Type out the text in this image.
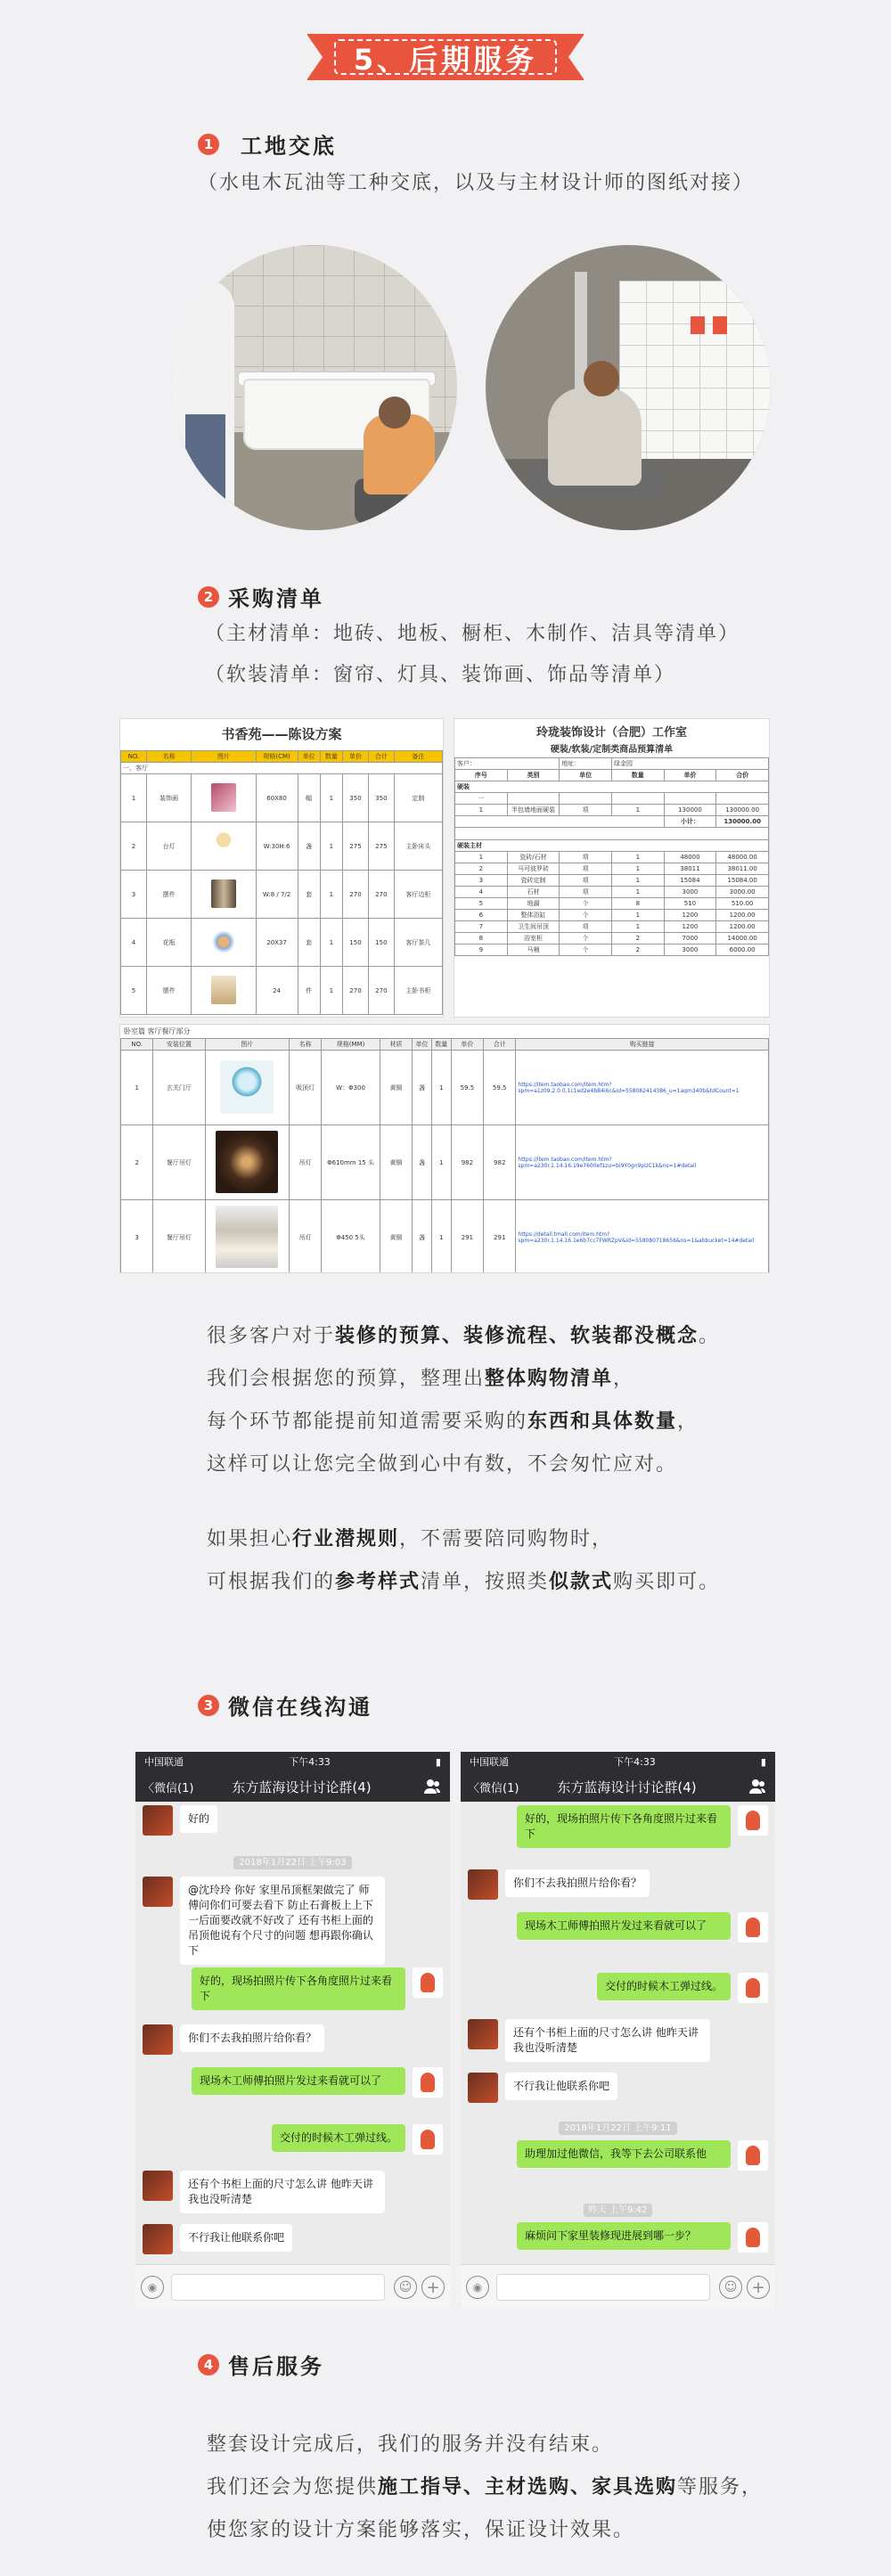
5、后期服务
1 工地交底
（水电木瓦油等工种交底，以及与主材设计师的图纸对接）
2 采购清单
（主材清单：地砖、地板、橱柜、木制作、洁具等清单）
（软装清单：窗帘、灯具、装饰画、饰品等清单）
书香苑——陈设方案
NO.	名称	图片	规格(CM)	单位	数量	单价	合计	备注
一、客厅								
1	装饰画		60X80	幅	1	350	350	定制
2	台灯		W:30H:6	盏	1	275	275	主卧床头
3	摆件		W:8 / 7/2	套	1	270	270	客厅边柜
4	花瓶		20X37	套	1	150	150	客厅茶几
5	摆件		24	件	1	270	270	主卧书柜
玲珑装饰设计（合肥）工作室
硬装/软装/定制类商品预算清单
客户：		地址：	绿金园		
序号	类别	单位	数量	单价	合价
硬装					
一					
1	半包墙地面硬装	项	1	130000	130000.00
				小计：	130000.00

硬装主材					
1	瓷砖/石材	项	1	48000	48000.00
2	马可波罗砖	项	1	38011	38011.00
3	瓷砖定制	项	1	15084	15084.00
4	石材	项	1	3000	3000.00
5	地漏	个	8	510	510.00
6	整体浴缸	个	1	1200	1200.00
7	卫生间吊顶	项	1	1200	1200.00
8	浴室柜	个	2	7000	14000.00
9	马桶	个	2	3000	6000.00
卧室篇 客厅餐厅部分
NO.	安装位置	图片	名称	规格(MM)	材质	单位	数量	单价	合计	购买链接
1	玄关门厅		吸顶灯	W：Φ300	黄铜	盏	1	59.5	59.5	https://item.taobao.com/item.htm?spm=a1z09.2.0.0.1c1ed2e4bB4i6c&id=558082414386_u=1aqm340b&tdCount=1
2	餐厅吊灯		吊灯	Φ610mm 15 头	黄铜	盏	1	982	982	https://item.taobao.com/item.htm?spm=a230r.1.14.16.19e7600ef1zu=bi9Y0gn9pUC1k&ns=1#detail
3	餐厅吊灯		吊灯	Φ450 5头	黄铜	盏	1	291	291	https://detail.tmall.com/item.htm?spm=a230r.1.14.16.1e6b7cc7FWRZpV&id=558080718656&ns=1&abbucket=14#detail
很多客户对于装修的预算、装修流程、软装都没概念。
我们会根据您的预算，整理出整体购物清单，
每个环节都能提前知道需要采购的东西和具体数量，
这样可以让您完全做到心中有数，不会匆忙应对。
如果担心行业潜规则，不需要陪同购物时，
可根据我们的参考样式清单，按照类似款式购买即可。
3 微信在线沟通
中国联通	下午4:33	▮
〈微信(1)	东方蓝海设计讨论群(4)
好的
2018年1月22日 上午9:03
@沈玲玲 你好 家里吊顶框架做完了 师傅问你们可要去看下 防止石膏板上上下一后面要改就不好改了 还有书柜上面的吊顶他说有个尺寸的问题 想再跟你确认下
好的，现场拍照片传下各角度照片过来看下
你们不去我拍照片给你看？
现场木工师傅拍照片发过来看就可以了
交付的时候木工弹过线。
还有个书柜上面的尺寸怎么讲 他昨天讲我也没听清楚
不行我让他联系你吧
◉	☺ +
中国联通	下午4:33	▮
〈微信(1)	东方蓝海设计讨论群(4)
好的，现场拍照片传下各角度照片过来看下
你们不去我拍照片给你看？
现场木工师傅拍照片发过来看就可以了
交付的时候木工弹过线。
还有个书柜上面的尺寸怎么讲 他昨天讲我也没听清楚
不行我让他联系你吧
2018年1月22日 上午9:11
助理加过他微信，我等下去公司联系他
昨天 上午9:42
麻烦问下家里装修现进展到哪一步？
◉	☺ +
4 售后服务
整套设计完成后，我们的服务并没有结束。
我们还会为您提供施工指导、主材选购、家具选购等服务，
使您家的设计方案能够落实，保证设计效果。
